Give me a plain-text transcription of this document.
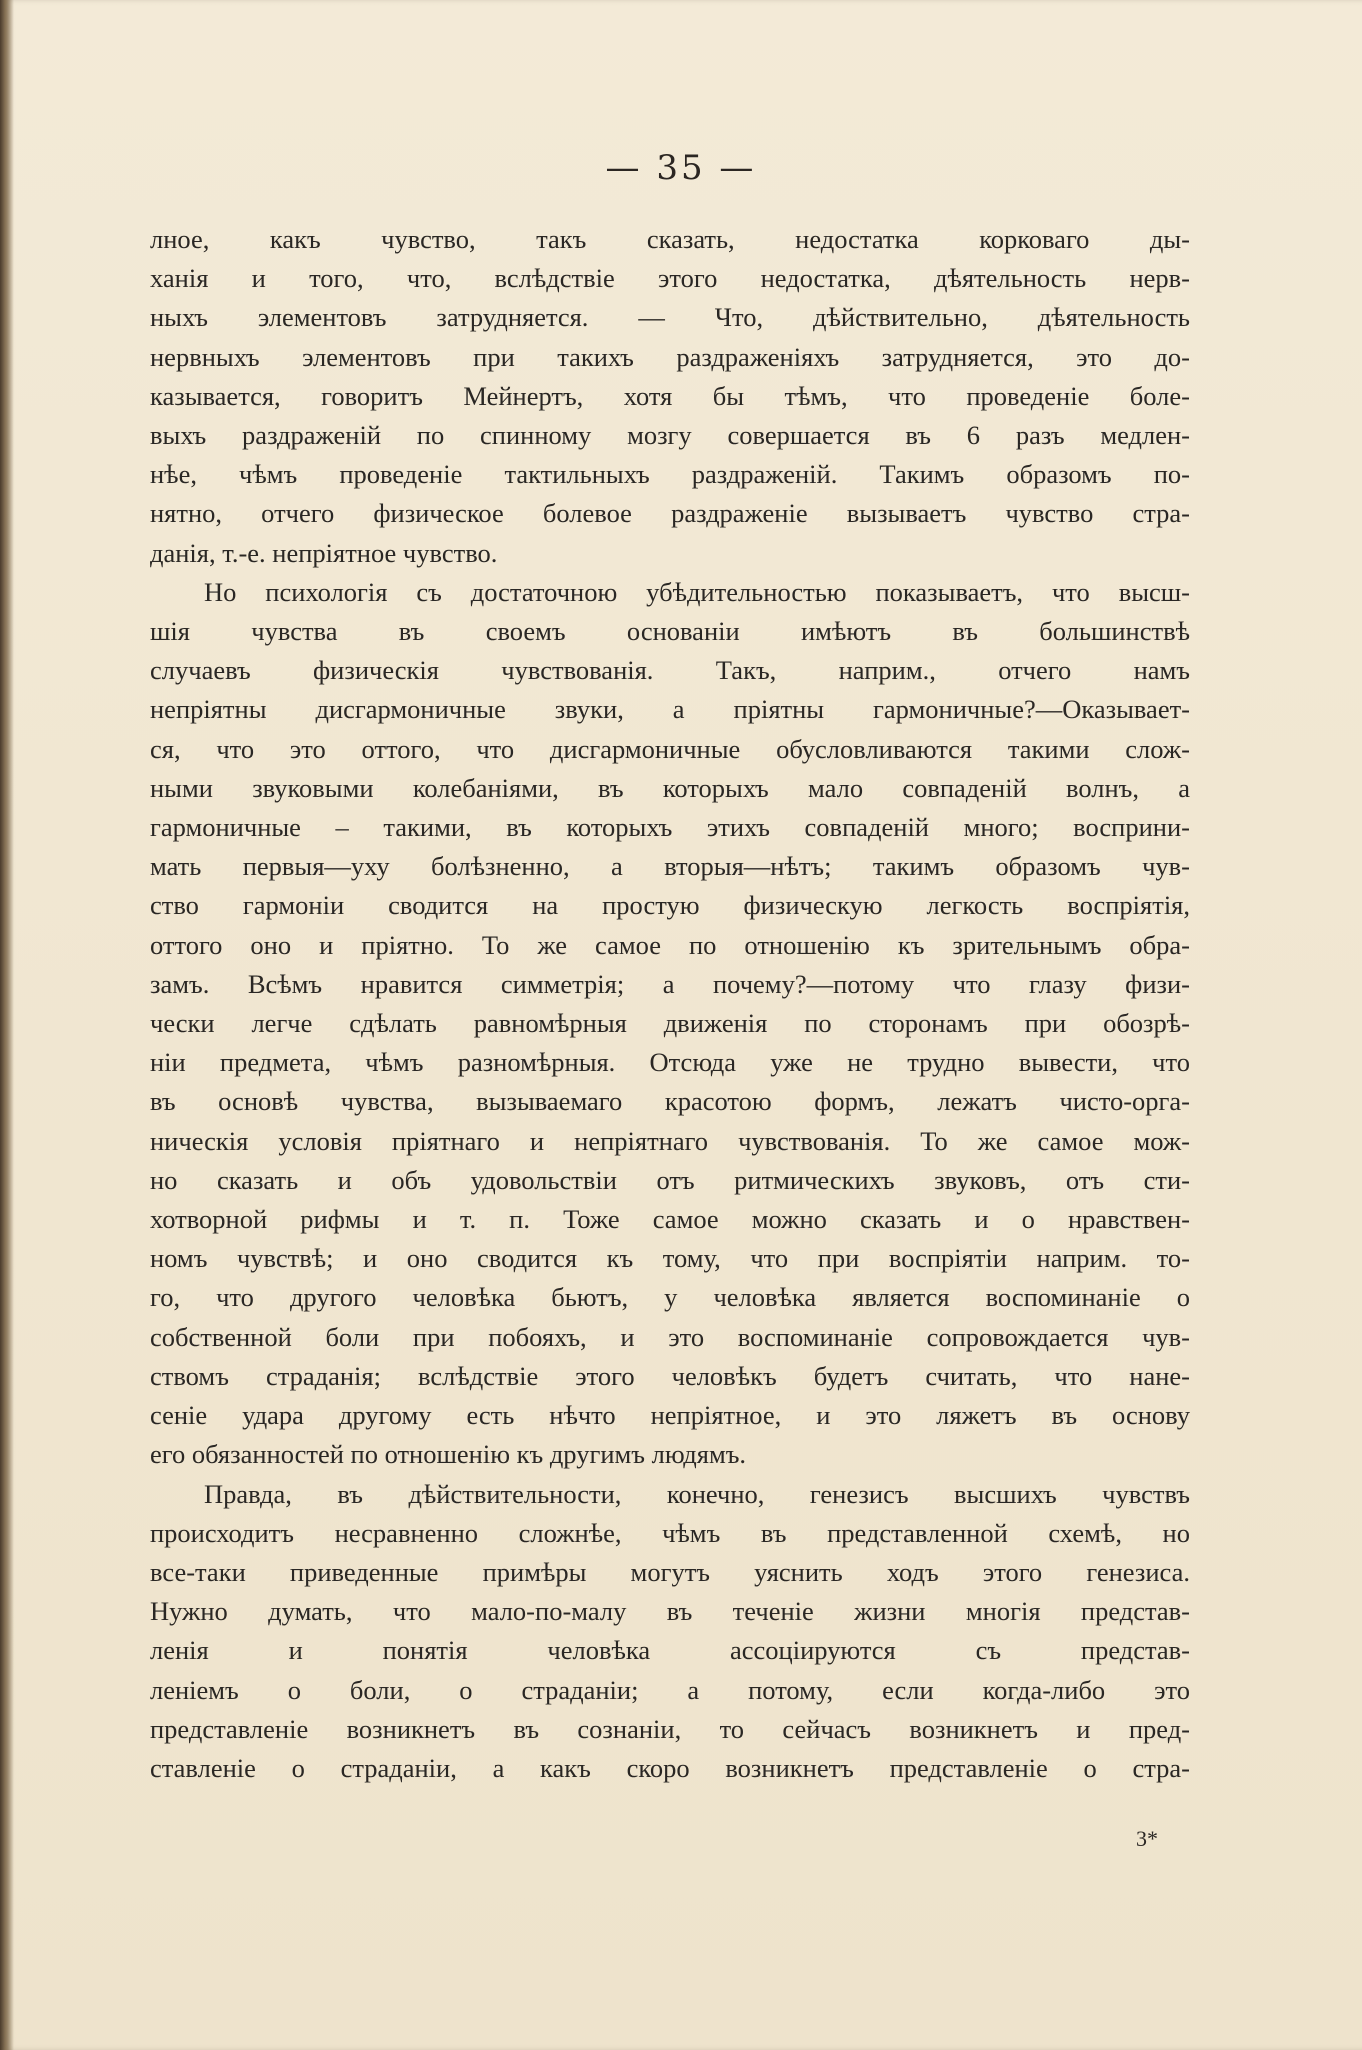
— 35 —
лное, какъ чувство, такъ сказать, недостатка корковаго ды-
ханія и того, что, вслѣдствіе этого недостатка, дѣятельность нерв-
ныхъ элементовъ затрудняется. — Что, дѣйствительно, дѣятельность
нервныхъ элементовъ при такихъ раздраженіяхъ затрудняется, это до-
казывается, говоритъ Мейнертъ, хотя бы тѣмъ, что проведеніе боле-
выхъ раздраженій по спинному мозгу совершается въ 6 разъ медлен-
нѣе, чѣмъ проведеніе тактильныхъ раздраженій. Такимъ образомъ по-
нятно, отчего физическое болевое раздраженіе вызываетъ чувство стра-
данія, т.-е. непріятное чувство.
Но психологія съ достаточною убѣдительностью показываетъ, что высш-
шія чувства въ своемъ основаніи имѣютъ въ большинствѣ
случаевъ физическія чувствованія. Такъ, наприм., отчего намъ
непріятны дисгармоничные звуки, а пріятны гармоничные?—Оказывает-
ся, что это оттого, что дисгармоничные обусловливаются такими слож-
ными звуковыми колебаніями, въ которыхъ мало совпаденій волнъ, а
гармоничные – такими, въ которыхъ этихъ совпаденій много; восприни-
мать первыя—уху болѣзненно, а вторыя—нѣтъ; такимъ образомъ чув-
ство гармоніи сводится на простую физическую легкость воспріятія,
оттого оно и пріятно. То же самое по отношенію къ зрительнымъ обра-
замъ. Всѣмъ нравится симметрія; а почему?—потому что глазу физи-
чески легче сдѣлать равномѣрныя движенія по сторонамъ при обозрѣ-
ніи предмета, чѣмъ разномѣрныя. Отсюда уже не трудно вывести, что
въ основѣ чувства, вызываемаго красотою формъ, лежатъ чисто-орга-
ническія условія пріятнаго и непріятнаго чувствованія. То же самое мож-
но сказать и объ удовольствіи отъ ритмическихъ звуковъ, отъ сти-
хотворной рифмы и т. п. Тоже самое можно сказать и о нравствен-
номъ чувствѣ; и оно сводится къ тому, что при воспріятіи наприм. то-
го, что другого человѣка бьютъ, у человѣка является воспоминаніе о
собственной боли при побояхъ, и это воспоминаніе сопровождается чув-
ствомъ страданія; вслѣдствіе этого человѣкъ будетъ считать, что нане-
сеніе удара другому есть нѣчто непріятное, и это ляжетъ въ основу
его обязанностей по отношенію къ другимъ людямъ.
Правда, въ дѣйствительности, конечно, генезисъ высшихъ чувствъ
происходитъ несравненно сложнѣе, чѣмъ въ представленной схемѣ, но
все-таки приведенные примѣры могутъ уяснить ходъ этого генезиса.
Нужно думать, что мало-по-малу въ теченіе жизни многія представ-
ленія и понятія человѣка ассоціируются съ представ-
леніемъ о боли, о страданіи; а потому, если когда-либо это
представленіе возникнетъ въ сознаніи, то сейчасъ возникнетъ и пред-
ставленіе о страданіи, а какъ скоро возникнетъ представленіе о стра-
3*
